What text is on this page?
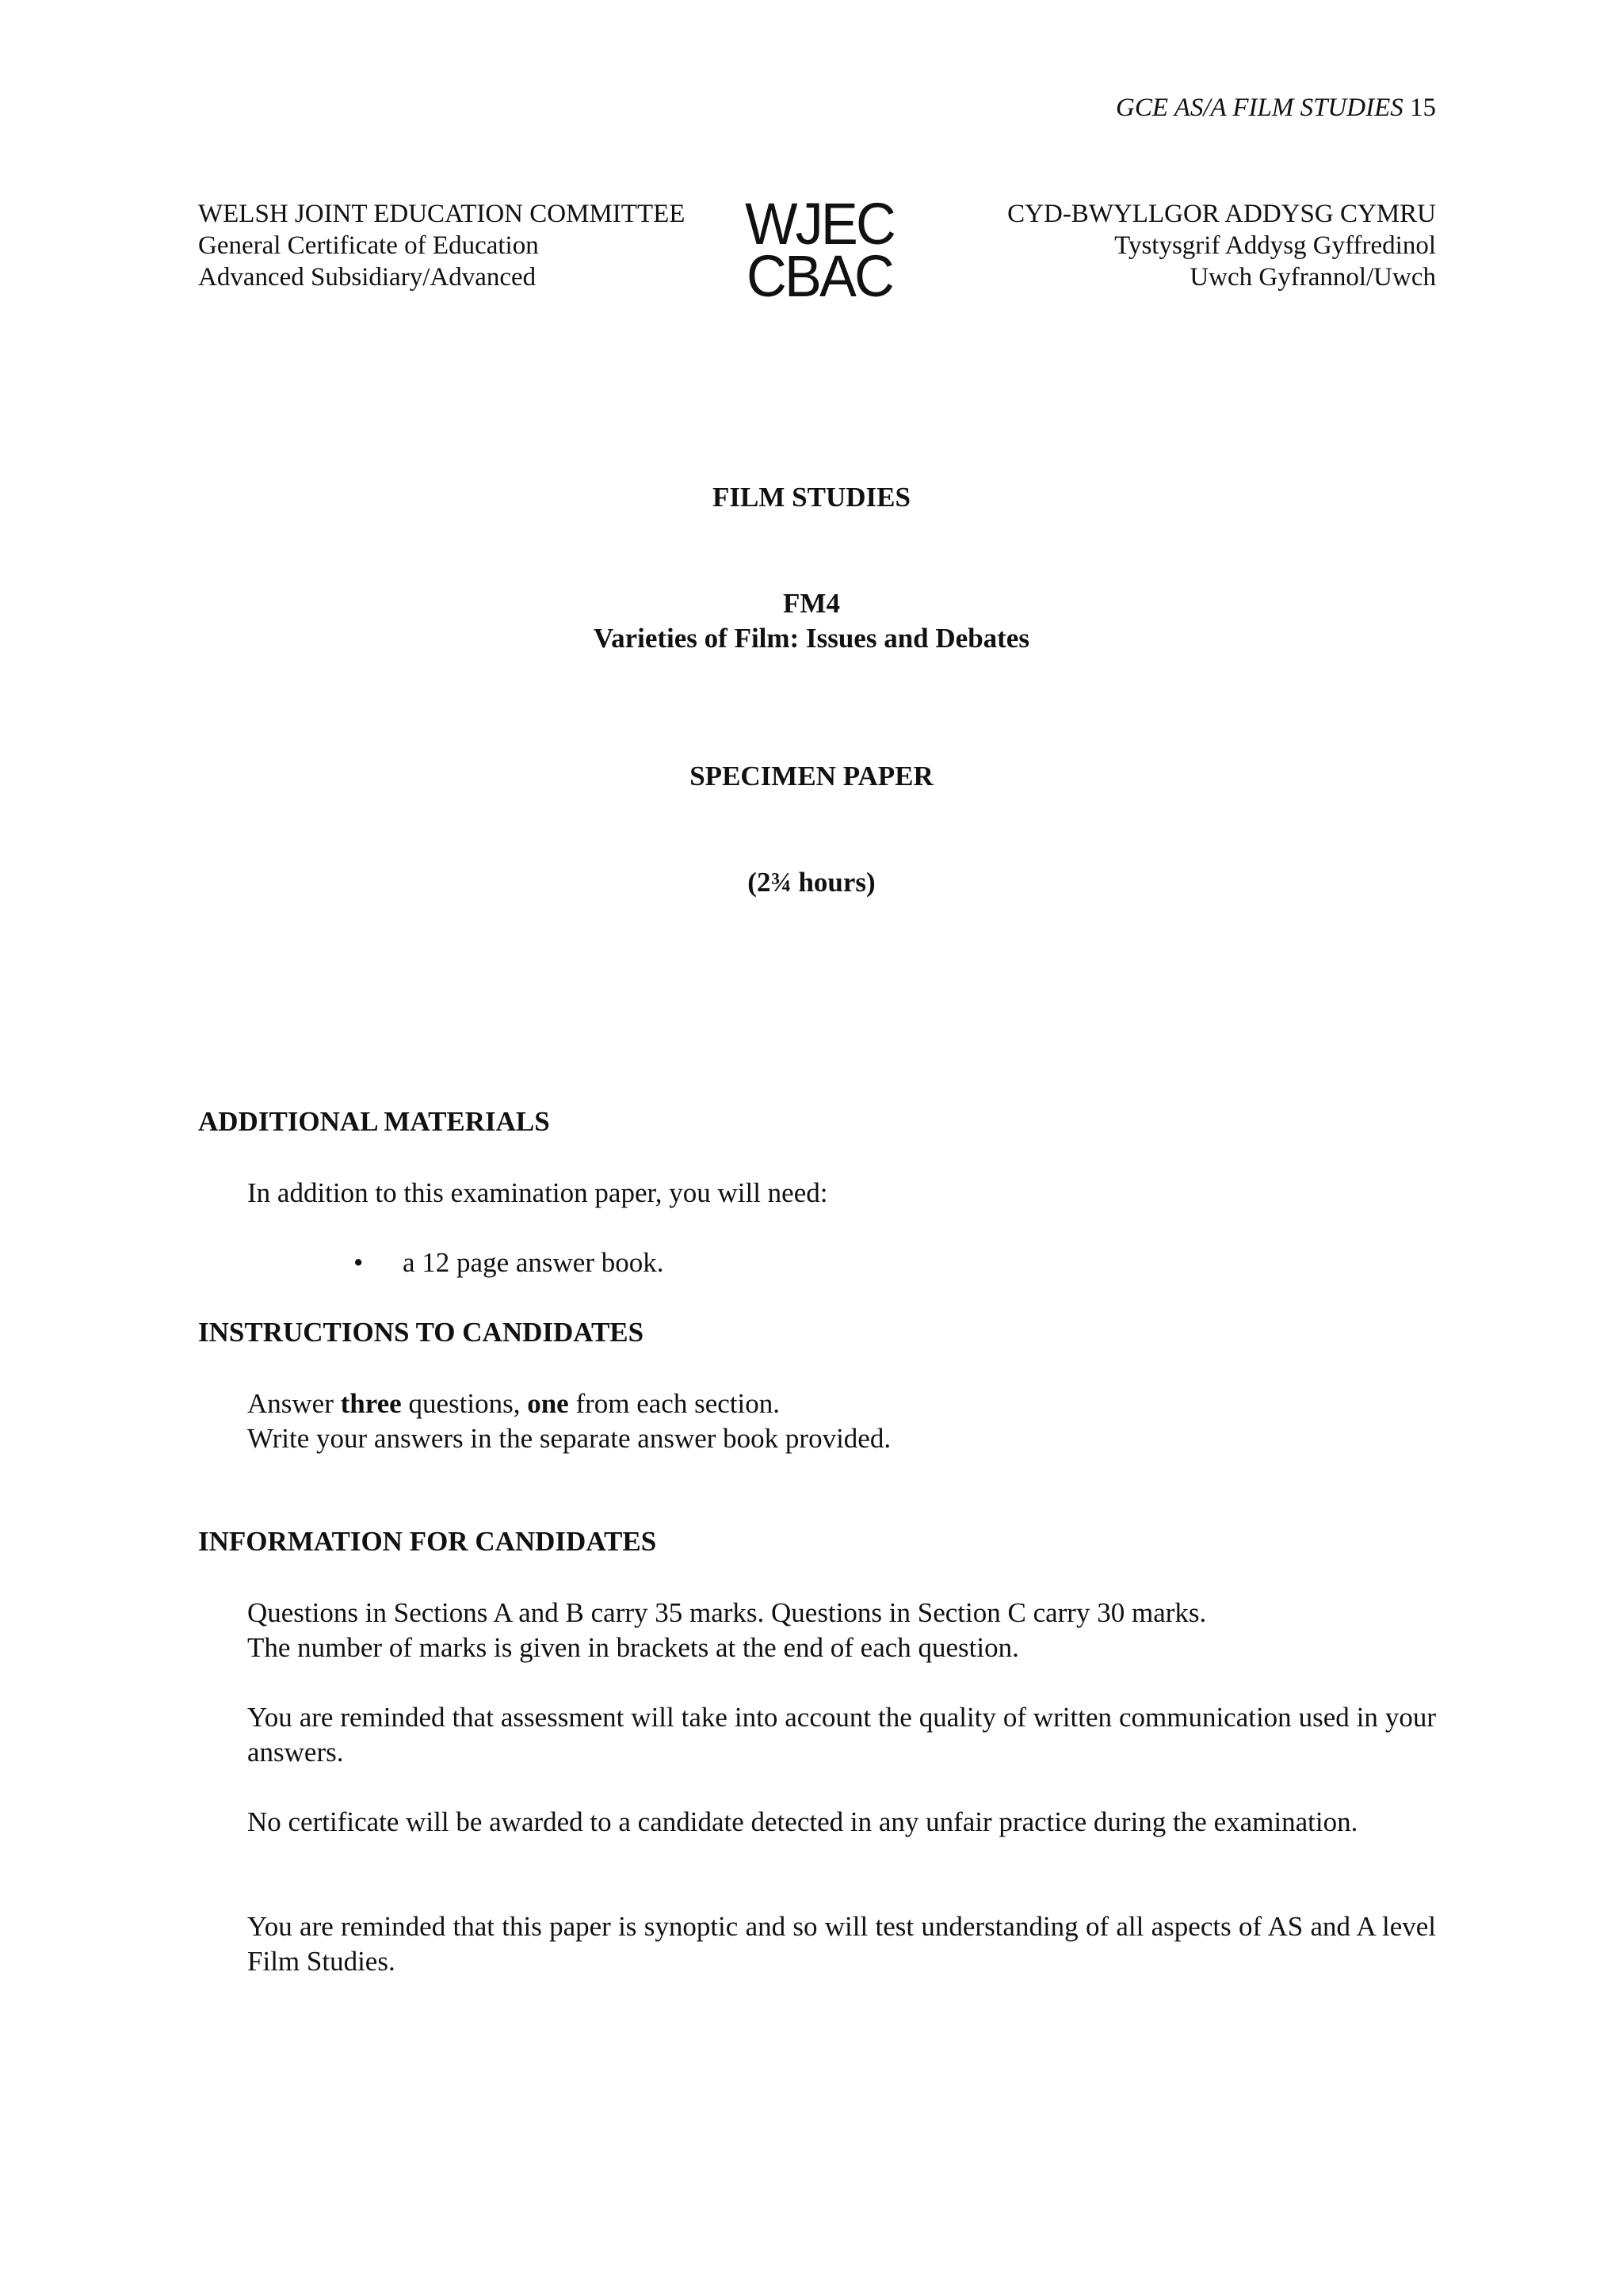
GCE AS/A FILM STUDIES 15
WELSH JOINT EDUCATION COMMITTEE
General Certificate of Education
Advanced Subsidiary/Advanced
WJEC
CBAC
CYD-BWYLLGOR ADDYSG CYMRU
Tystysgrif Addysg Gyffredinol
Uwch Gyfrannol/Uwch
FILM STUDIES
FM4
Varieties of Film: Issues and Debates
SPECIMEN PAPER
(2¾ hours)
ADDITIONAL MATERIALS
In addition to this examination paper, you will need:
• a 12 page answer book.
INSTRUCTIONS TO CANDIDATES
Answer three questions, one from each section.
Write your answers in the separate answer book provided.
INFORMATION FOR CANDIDATES
Questions in Sections A and B carry 35 marks. Questions in Section C carry 30 marks.
The number of marks is given in brackets at the end of each question.
You are reminded that assessment will take into account the quality of written communication used in your answers.
No certificate will be awarded to a candidate detected in any unfair practice during the examination.
You are reminded that this paper is synoptic and so will test understanding of all aspects of AS and A level Film Studies.
